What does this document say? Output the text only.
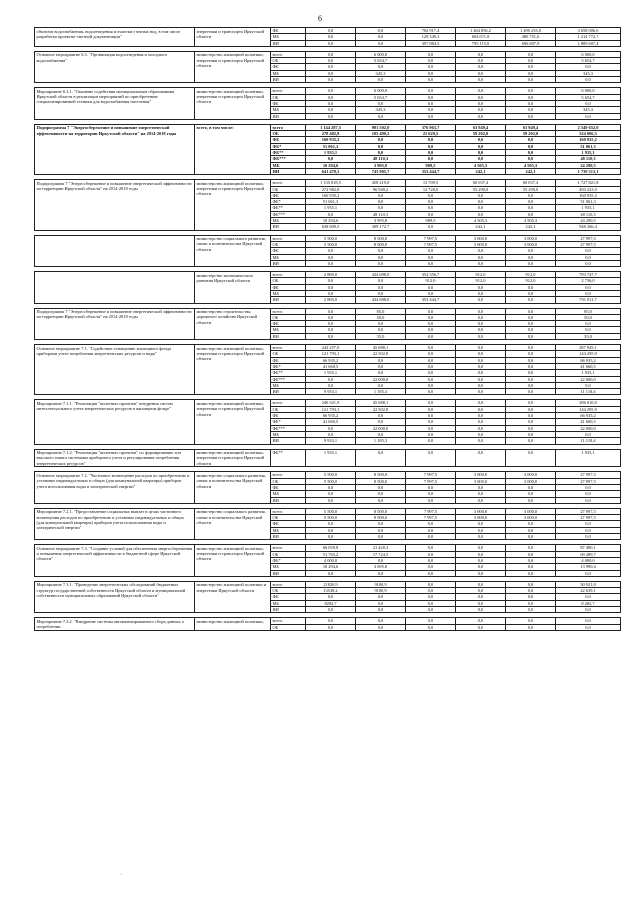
6
объектов водоснабжения, водоотведения и очистки сточных вод, в том числе разработка проектно-сметной документации"	энергетики и транспорта Иркутской области	ФБ	0,0	0,0	702 917,4	1 464 856,2	1 490 233,0	3 658 006,6
		МБ	0,0	0,0	129 349,3	604 671,8	480 751,6	1 214 772,7
		ИИ	0,0	0,0	397 884,5	795 115,0	696 607,9	1 889 607,4

Основное мероприятие 6.3. "Организация водоотведения и холодного водоснабжения"	министерство жилищной политики, энергетики и транспорта Иркутской области	всего	0,0	6 000,0	0,0	0,0	0,0	6 000,0
		ОБ	0,0	5 654,7	0,0	0,0	0,0	5 654,7
		ФБ	0,0	0,0	0,0	0,0	0,0	0,0
		МБ	0,0	345,3	0,0	0,0	0,0	345,3
		ИИ	0,0	0,0	0,0	0,0	0,0	0,0

Мероприятие 6.3.1. "Оказание содействия муниципальным образованиям Иркутской области в реализации мероприятий по приобретению специализированной техники для водоснабжения населения"	министерство жилищной политики, энергетики и транспорта Иркутской области	всего	0,0	6 000,0	0,0	0,0	0,0	6 000,0
		ОБ	0,0	5 654,7	0,0	0,0	0,0	5 654,7
		ФБ	0,0	0,0	0,0	0,0	0,0	0,0
		МБ	0,0	345,3	0,0	0,0	0,0	345,3
		ИИ	0,0	0,0	0,0	0,0	0,0	0,0

Подпрограмма 7 "Энергосбережение и повышение энергетической эффективности на территории Иркутской области" на 2014-2018 годы	всего, в том числе:	всего	1 144 287,5	901 502,0	376 963,7	63 949,4	63 949,4	2 549 652,0
		ОБ	278 482,8	105 490,2	21 629,5	59 202,0	59 202,0	524 006,5
		ФБ	160 935,2	0,0	0,0	0,0	0,0	160 935,2
		ФБ*	51 061,3	0,0	0,0	0,0	0,0	51 061,3
		ФБ**	1 935,1	0,0	0,0	0,0	0,0	1 935,1
		ФБ***	0,0	48 110,3	0,0	0,0	0,0	48 110,3
		МБ	10 294,6	3 995,8	989,5	4 505,3	4 505,3	24 290,5
		ИИ	641 478,5	743 905,7	353 444,7	242,1	242,1	1 739 313,1

Подпрограмма 7 "Энергосбережение и повышение энергетической эффективности на территории Иркутской области" на 2014-2018 годы	министерство жилищной политики, энергетики и транспорта Иркутской области	всего	1 135 818,5	458 219,0	13 709,5	60 037,4	60 037,4	1 727 821,8
		ОБ	272 982,8	96 940,2	12 720,0	55 290,0	55 290,0	493 223,0
		ФБ	160 935,2	0,0	0,0	0,0	0,0	160 935,2
		ФБ*	51 061,3	0,0	0,0	0,0	0,0	51 061,3
		ФБ**	1 935,1	0,0	0,0	0,0	0,0	1 935,1
		ФБ***	0,0	48 110,3	0,0	0,0	0,0	48 110,3
		МБ	10 294,6	3 995,8	989,5	4 505,3	4 505,3	24 290,5
		ИИ	638 609,5	309 172,7	0,0	242,1	242,1	948 266,4

	министерство социального развития, опеки и попечительства Иркутской области	всего	5 500,0	8 500,0	7 997,5	3 000,0	3 000,0	27 997,5
		ОБ	5 500,0	8 500,0	7 997,5	3 000,0	3 000,0	27 997,5
		ФБ	0,0	0,0	0,0	0,0	0,0	0,0
		МБ	0,0	0,0	0,0	0,0	0,0	0,0
		ИИ	0,0	0,0	0,0	0,0	0,0	0,0

	министерство экономического развития Иркутской области	всего	2 869,0	434 698,0	354 356,7	912,0	912,0	793 747,7
		ОБ	0,0	0,0	912,0	912,0	912,0	2 736,0
		ФБ	0,0	0,0	0,0	0,0	0,0	0,0
		МБ	0,0	0,0	0,0	0,0	0,0	0,0
		ИИ	2 869,0	434 698,0	353 444,7	0,0	0,0	791 011,7

Подпрограмма 7 "Энергосбережение и повышение энергетической эффективности на территории Иркутской области" на 2014-2018 годы	министерство строительства, дорожного хозяйства Иркутской области	всего	0,0	85,0	0,0	0,0	0,0	85,0
		ОБ	0,0	50,0	0,0	0,0	0,0	50,0
		ФБ	0,0	0,0	0,0	0,0	0,0	0,0
		МБ	0,0	0,0	0,0	0,0	0,0	0,0
		ИИ	0,0	35,0	0,0	0,0	0,0	35,0

Основное мероприятие 7.1. "Содействие оснащению жилищного фонда приборами учета потребления энергетических ресурсов и воды"	министерство жилищной политики, энергетики и транспорта Иркутской области	всего	242 257,0	45 688,1	0,0	0,0	0,0	287 945,1
		ОБ	121 793,1	22 502,8	0,0	0,0	0,0	144 295,9
		ФБ	66 935,2	0,0	0,0	0,0	0,0	66 935,2
		ФБ*	41 660,5	0,0	0,0	0,0	0,0	41 660,5
		ФБ**	1 935,1	0,0	0,0	0,0	0,0	1 935,1
		ФБ***	0,0	22 000,0	0,0	0,0	0,0	22 000,0
		МБ	0,0	0,0	0,0	0,0	0,0	0,0
		ИИ	9 933,1	1 185,3	0,0	0,0	0,0	11 118,4

Мероприятие 7.1.1. "Реализация "пилотных проектов" внедрения систем интеллектуального учета энергетических ресурсов в жилищном фонде"	министерство жилищной политики, энергетики и транспорта Иркутской области	всего	240 321,9	45 688,1	0,0	0,0	0,0	286 010,0
		ОБ	121 793,1	22 502,8	0,0	0,0	0,0	144 295,9
		ФБ	66 935,2	0,0	0,0	0,0	0,0	66 935,2
		ФБ*	41 660,5	0,0	0,0	0,0	0,0	41 660,5
		ФБ***	0,0	22 000,0	0,0	0,0	0,0	22 000,0
		МБ	0,0	0,0	0,0	0,0	0,0	0,0
		ИИ	9 933,1	1 185,3	0,0	0,0	0,0	11 118,4

Мероприятие 7.1.2. "Реализация "пилотных проектов" по формированию зон высокого охвата системами приборного учета и регулирования потребления энергетических ресурсов"	министерство жилищной политики, энергетики и транспорта Иркутской области	ФБ**	1 935,1	0,0	0,0	0,0	0,0	1 935,1

Основное мероприятие 7.2. "Частичное возмещение расходов по приобретению и установке индивидуальных и общих (для коммунальной квартиры) приборов учета использования воды и электрической энергии"	министерство социального развития, опеки и попечительства Иркутской области	всего	5 500,0	8 500,0	7 997,5	3 000,0	3 000,0	27 997,5
		ОБ	5 500,0	8 500,0	7 997,5	3 000,0	3 000,0	27 997,5
		ФБ	0,0	0,0	0,0	0,0	0,0	0,0
		МБ	0,0	0,0	0,0	0,0	0,0	0,0
		ИИ	0,0	0,0	0,0	0,0	0,0	0,0

Мероприятие 7.2.1. "Предоставление социальных выплат в целях частичного возмещения расходов по приобретению и установке индивидуальных и общих (для коммунальной квартиры) приборов учета использования воды и электрической энергии"	министерство социального развития, опеки и попечительства Иркутской области	всего	5 500,0	8 500,0	7 997,5	3 000,0	3 000,0	27 997,5
		ОБ	5 500,0	8 500,0	7 997,5	3 000,0	3 000,0	27 997,5
		ФБ	0,0	0,0	0,0	0,0	0,0	0,0
		МБ	0,0	0,0	0,0	0,0	0,0	0,0
		ИИ	0,0	0,0	0,0	0,0	0,0	0,0

Основное мероприятие 7.3. "Создание условий для обеспечения энергосбережения и повышения энергетической эффективности в бюджетной сфере Иркутской области"	министерство жилищной политики, энергетики и транспорта Иркутской области	всего	66 059,8	21 420,3	0,0	0,0	0,0	87 480,1
		ОБ	51 765,2	17 724,5	0,0	0,0	0,0	69 489,7
		ФБ*	4 000,0	0,0	0,0	0,0	0,0	4 000,0
		МБ	10 294,6	3 695,8	0,0	0,0	0,0	13 990,4
		ИИ	0,0	0,0	0,0	0,0	0,0	0,0

Мероприятие 7.3.1. "Проведение энергетических обследований бюджетных структур государственной собственности Иркутской области и муниципальной собственности муниципальных образований Иркутской области"	министерство жилищной политики и энергетики Иркутской области	всего	21820,9	9100,9	0,0	0,0	0,0	30 921,8
		ОБ	13538,2	9100,9	0,0	0,0	0,0	22 639,1
		ФБ	0,0	0,0	0,0	0,0	0,0	0,0
		МБ	8282,7	0,0	0,0	0,0	0,0	8 282,7
		ИИ	0,0	0,0	0,0	0,0	0,0	0,0

Мероприятие 7.3.2. "Внедрение системы автоматизированного сбора данных о потреблении	министерство жилищной политики,	всего	0,0	0,0	0,0	0,0	0,0	0,0
		ОБ	0,0	0,0	0,0	0,0	0,0	0,0
·
